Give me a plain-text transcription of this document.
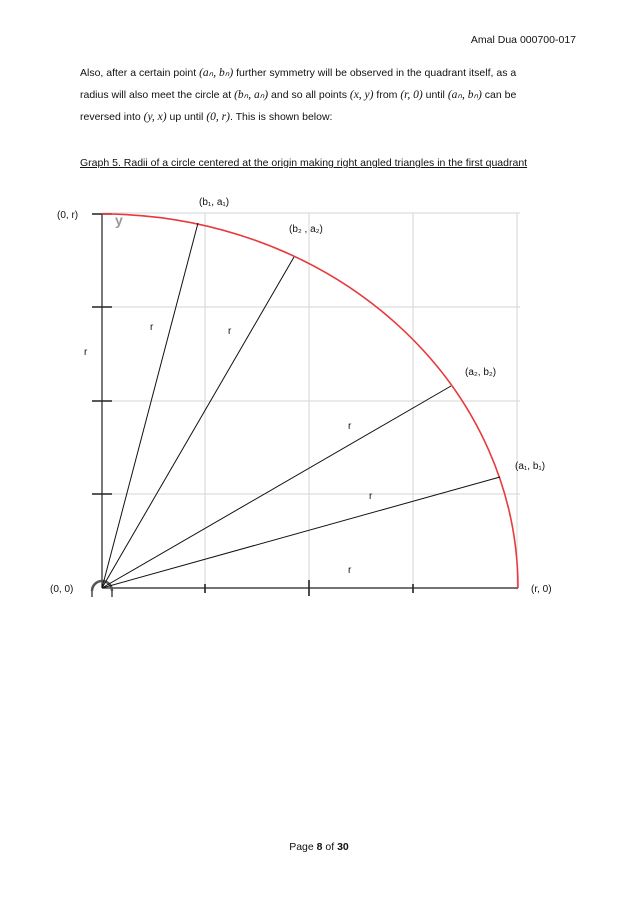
Amal Dua 000700-017
Also, after a certain point (aₙ, bₙ) further symmetry will be observed in the quadrant itself, as a
radius will also meet the circle at (bₙ, aₙ) and so all points (x, y) from (r, 0) until (aₙ, bₙ) can be
reversed into (y, x) up until (0, r). This is shown below:
Graph 5. Radii of a circle centered at the origin making right angled triangles in the first quadrant
y
(b₁, a₁)
(b₂ , a₂)
(a₂, b₂)
(a₁, b₁)
(0, r)
(0, 0)	(r, 0)
r
r	r
r
r
r
Page 8 of 30
